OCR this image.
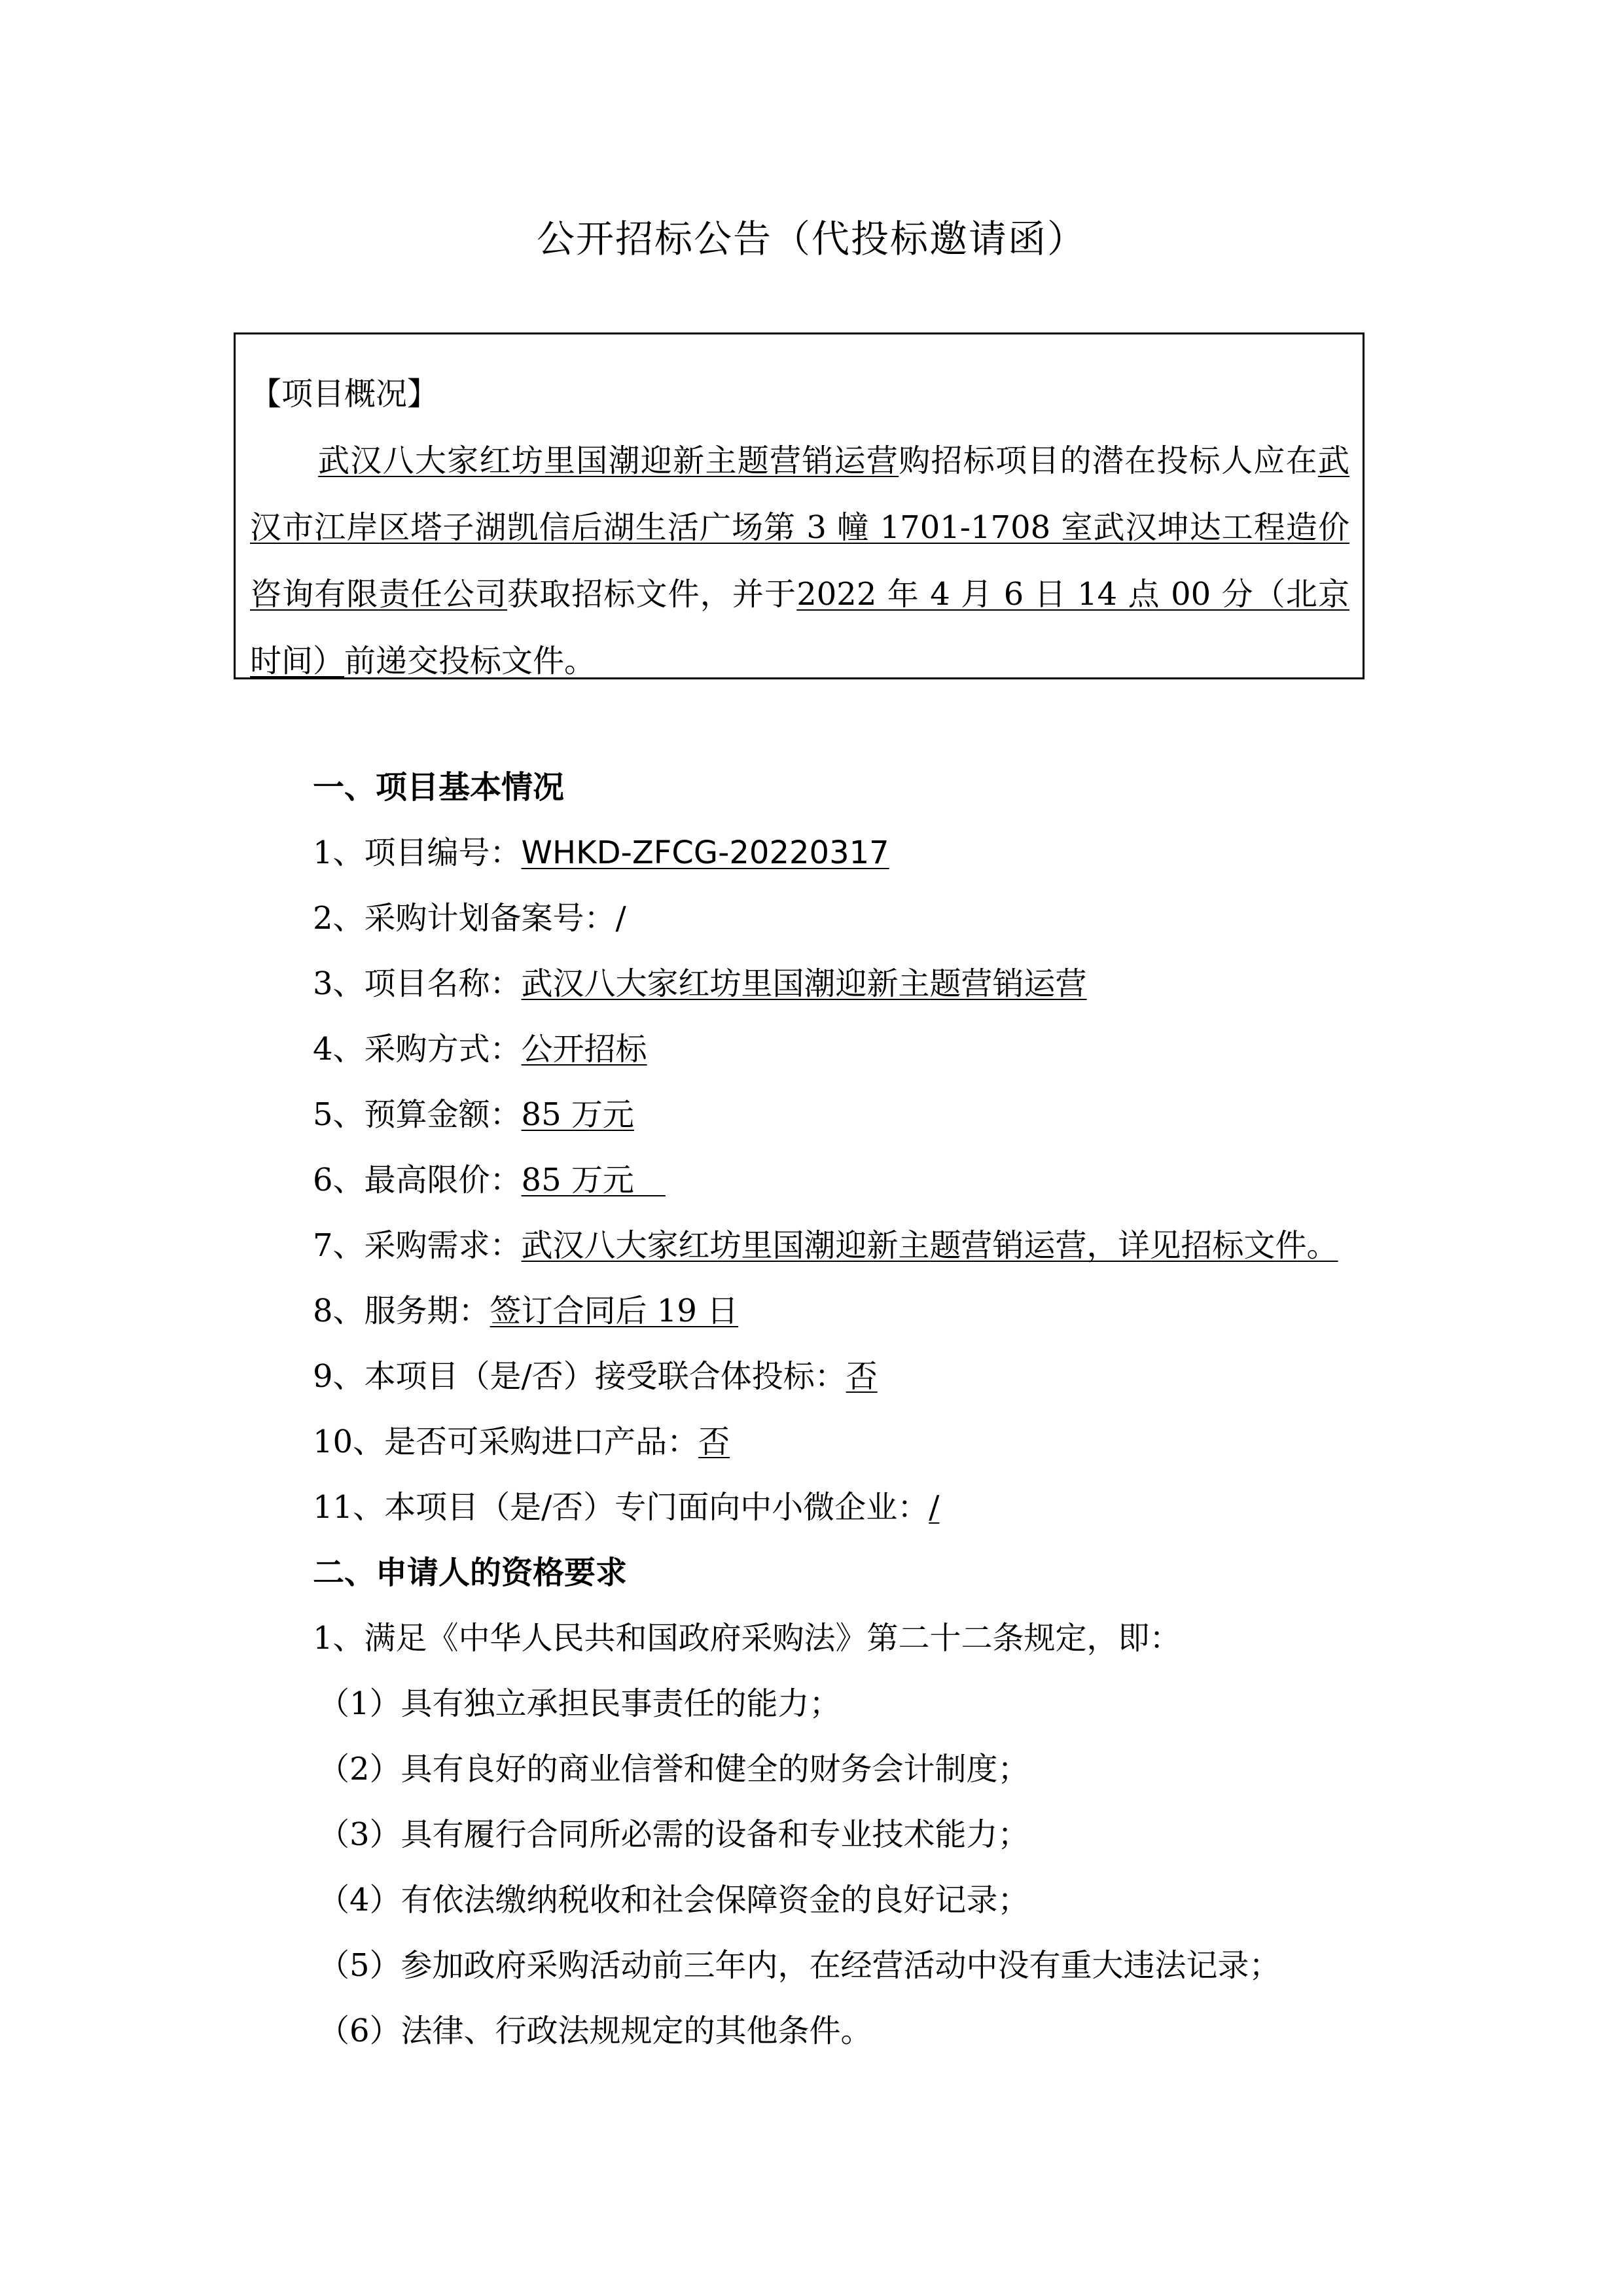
公开招标公告（代投标邀请函）
【项目概况】
武汉八大家红坊里国潮迎新主题营销运营购招标项目的潜在投标人应在武汉市江岸区塔子湖凯信后湖生活广场第 3 幢 1701-1708 室武汉坤达工程造价咨询有限责任公司获取招标文件，并于2022 年 4 月 6 日 14 点 00 分（北京时间）前递交投标文件。
一、项目基本情况
1、项目编号：WHKD-ZFCG-20220317
2、采购计划备案号：/
3、项目名称：武汉八大家红坊里国潮迎新主题营销运营
4、采购方式：公开招标
5、预算金额：85 万元
6、最高限价：85 万元　
7、采购需求：武汉八大家红坊里国潮迎新主题营销运营，详见招标文件。
8、服务期：签订合同后 19 日
9、本项目（是/否）接受联合体投标：否
10、是否可采购进口产品：否
11、本项目（是/否）专门面向中小微企业：/
二、申请人的资格要求
1、满足《中华人民共和国政府采购法》第二十二条规定，即：
（1）具有独立承担民事责任的能力；
（2）具有良好的商业信誉和健全的财务会计制度；
（3）具有履行合同所必需的设备和专业技术能力；
（4）有依法缴纳税收和社会保障资金的良好记录；
（5）参加政府采购活动前三年内，在经营活动中没有重大违法记录；
（6）法律、行政法规规定的其他条件。
